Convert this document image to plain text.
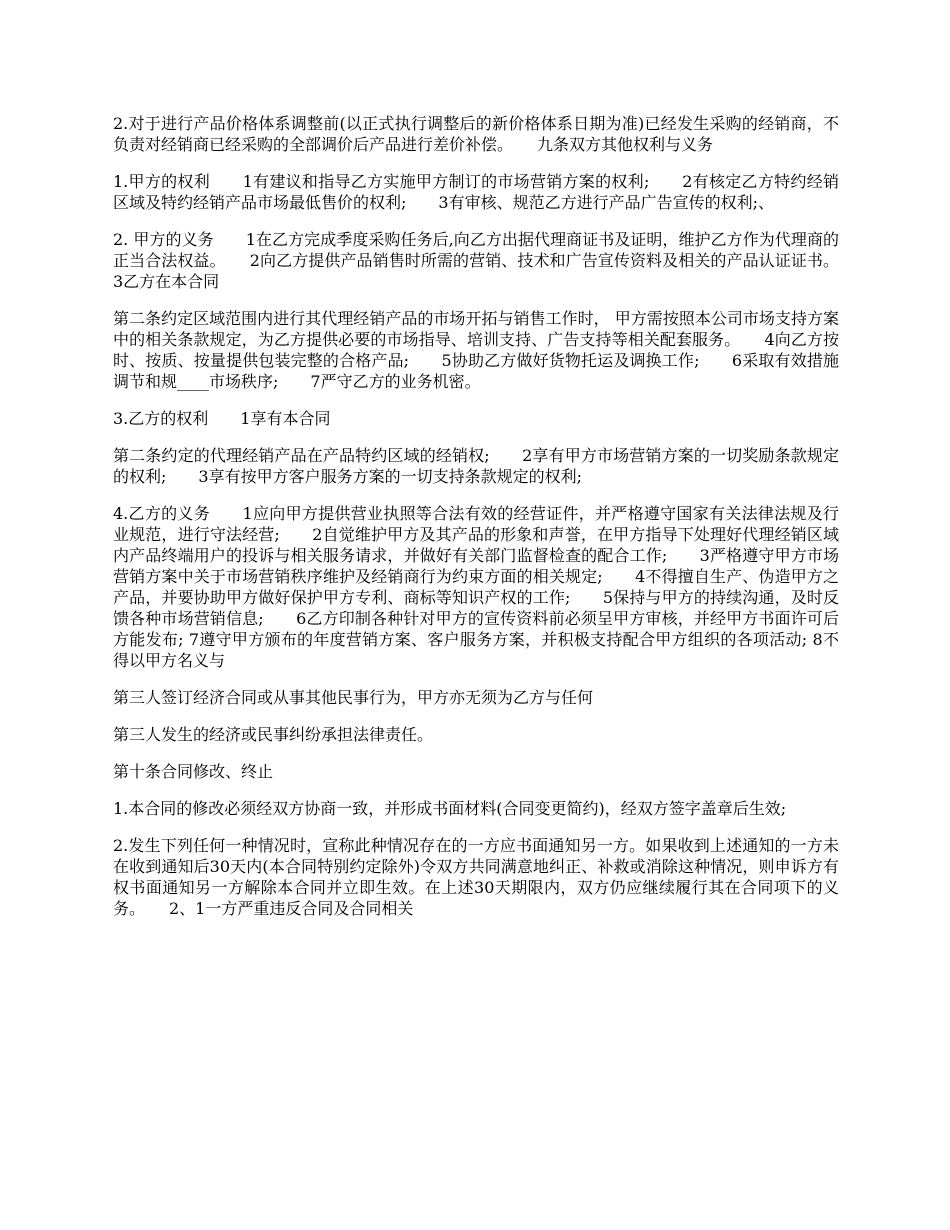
2.对于进行产品价格体系调整前(以正式执行调整后的新价格体系日期为准)已经发生采购的经销商，不负责对经销商已经采购的全部调价后产品进行差价补偿。　　九条双方其他权利与义务

1.甲方的权利　　1有建议和指导乙方实施甲方制订的市场营销方案的权利;　　2有核定乙方特约经销区域及特约经销产品市场最低售价的权利;　　3有审核、规范乙方进行产品广告宣传的权利;、

2. 甲方的义务　　1在乙方完成季度采购任务后,向乙方出据代理商证书及证明，维护乙方作为代理商的正当合法权益。　　2向乙方提供产品销售时所需的营销、技术和广告宣传资料及相关的产品认证证书。 3乙方在本合同

第二条约定区域范围内进行其代理经销产品的市场开拓与销售工作时， 甲方需按照本公司市场支持方案中的相关条款规定，为乙方提供必要的市场指导、培训支持、广告支持等相关配套服务。　　4向乙方按时、按质、按量提供包装完整的合格产品;　　5协助乙方做好货物托运及调换工作;　　6采取有效措施调节和规____市场秩序;　　7严守乙方的业务机密。

3.乙方的权利　　1享有本合同

第二条约定的代理经销产品在产品特约区域的经销权;　　2享有甲方市场营销方案的一切奖励条款规定的权利;　　3享有按甲方客户服务方案的一切支持条款规定的权利;

4.乙方的义务　　1应向甲方提供营业执照等合法有效的经营证件，并严格遵守国家有关法律法规及行业规范，进行守法经营;　　2自觉维护甲方及其产品的形象和声誉，在甲方指导下处理好代理经销区域内产品终端用户的投诉与相关服务请求，并做好有关部门监督检查的配合工作;　　3严格遵守甲方市场营销方案中关于市场营销秩序维护及经销商行为约束方面的相关规定;　　4不得擅自生产、伪造甲方之产品，并要协助甲方做好保护甲方专利、商标等知识产权的工作;　　5保持与甲方的持续沟通，及时反馈各种市场营销信息;　　6乙方印制各种针对甲方的宣传资料前必须呈甲方审核，并经甲方书面许可后方能发布; 7遵守甲方颁布的年度营销方案、客户服务方案，并积极支持配合甲方组织的各项活动; 8不得以甲方名义与

第三人签订经济合同或从事其他民事行为，甲方亦无须为乙方与任何

第三人发生的经济或民事纠纷承担法律责任。

第十条合同修改、终止

1.本合同的修改必须经双方协商一致，并形成书面材料(合同变更简约)，经双方签字盖章后生效;

2.发生下列任何一种情况时，宣称此种情况存在的一方应书面通知另一方。如果收到上述通知的一方未在收到通知后30天内(本合同特别约定除外)令双方共同满意地纠正、补救或消除这种情况，则申诉方有权书面通知另一方解除本合同并立即生效。在上述30天期限内，双方仍应继续履行其在合同项下的义务。　　2、1一方严重违反合同及合同相关
